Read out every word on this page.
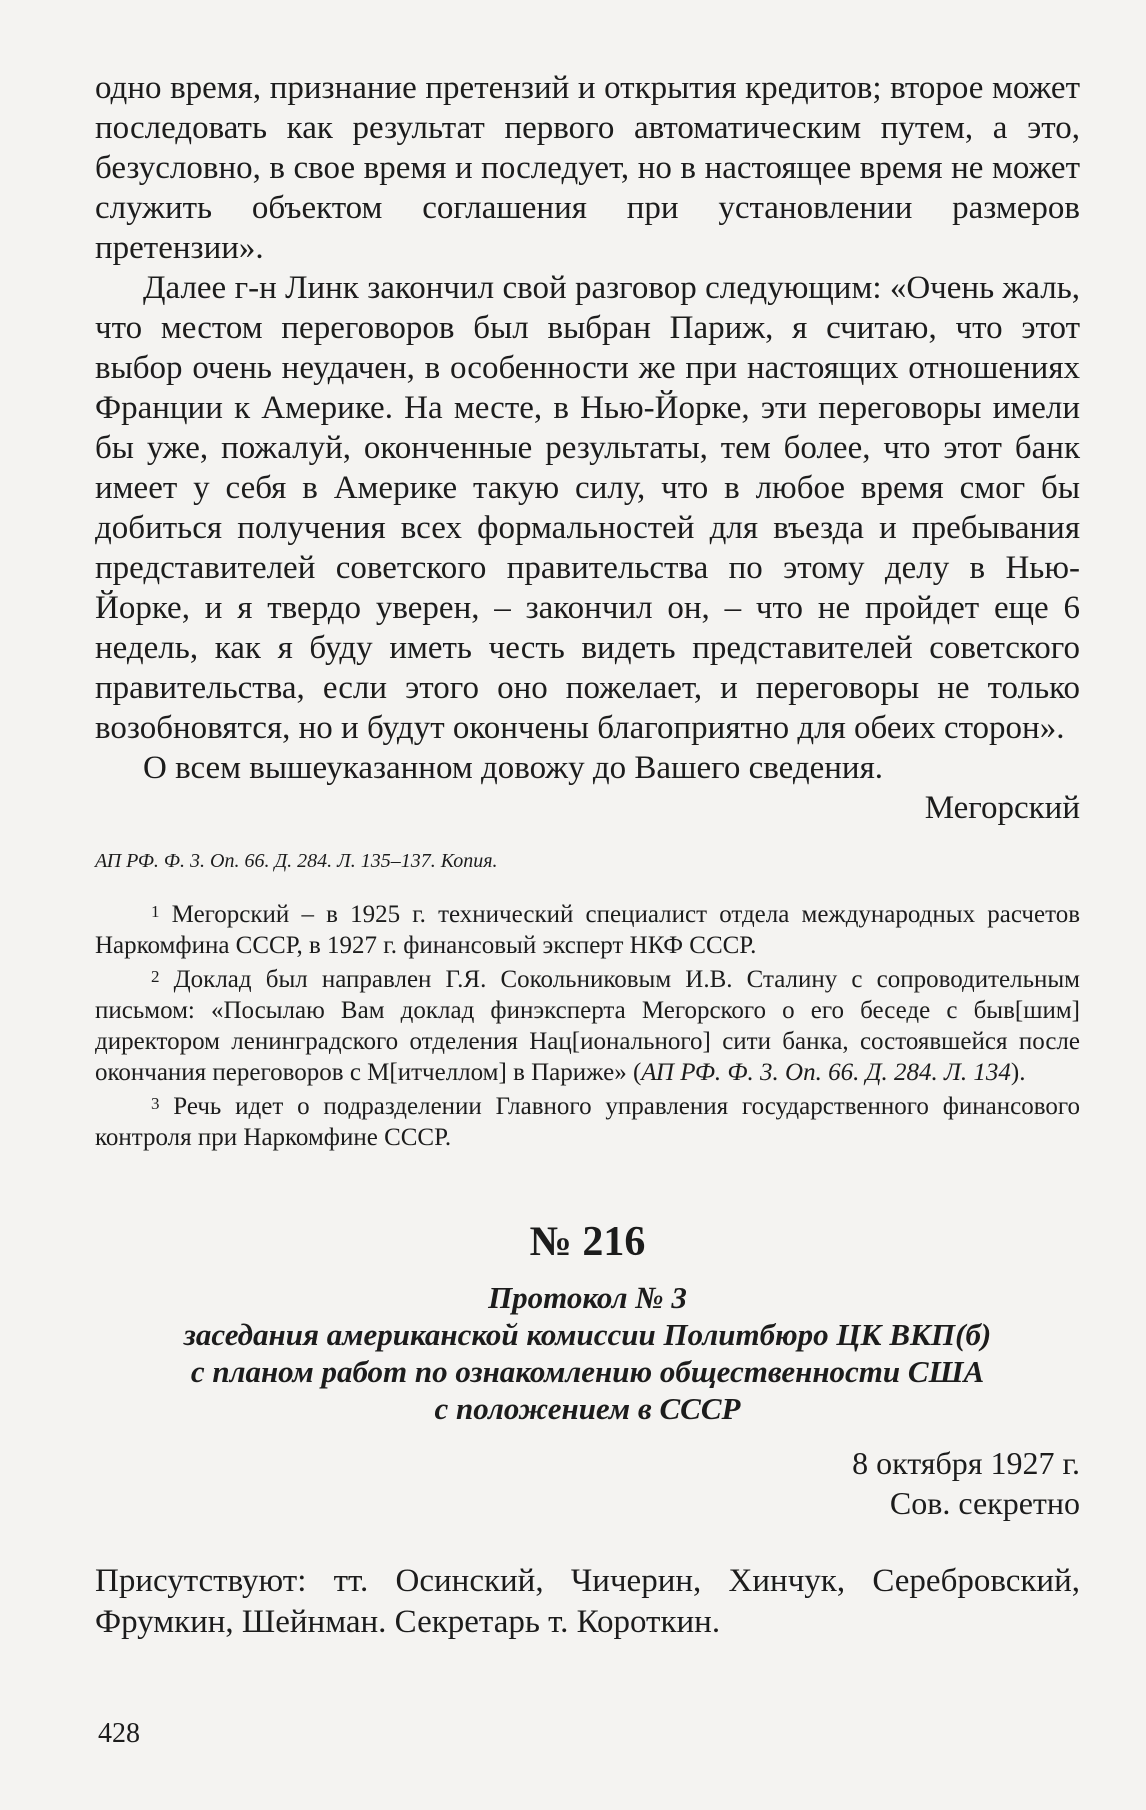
одно время, признание претензий и открытия кредитов; второе может последовать как результат первого автоматическим путем, а это, безусловно, в свое время и последует, но в настоящее время не может служить объектом соглашения при установлении размеров претензии».

Далее г-н Линк закончил свой разговор следующим: «Очень жаль, что местом переговоров был выбран Париж, я считаю, что этот выбор очень неудачен, в особенности же при настоящих отношениях Франции к Америке. На месте, в Нью-Йорке, эти переговоры имели бы уже, пожалуй, оконченные результаты, тем более, что этот банк имеет у себя в Америке такую силу, что в любое время смог бы добиться получения всех формальностей для въезда и пребывания представителей советского правительства по этому делу в Нью-Йорке, и я твердо уверен, – закончил он, – что не пройдет еще 6 недель, как я буду иметь честь видеть представителей советского правительства, если этого оно пожелает, и переговоры не только возобновятся, но и будут окончены благоприятно для обеих сторон».

О всем вышеуказанном довожу до Вашего сведения.

Мегорский
АП РФ. Ф. 3. Оп. 66. Д. 284. Л. 135–137. Копия.

$^1$ Мегорский – в 1925 г. технический специалист отдела международных расчетов Наркомфина СССР, в 1927 г. финансовый эксперт НКФ СССР.

$^2$ Доклад был направлен Г.Я. Сокольниковым И.В. Сталину с сопроводительным письмом: «Посылаю Вам доклад финэксперта Мегорского о его беседе с быв[шим] директором ленинградского отделения Нац[ионального] сити банка, состоявшейся после окончания переговоров с М[итчеллом] в Париже» (АП РФ. Ф. 3. Оп. 66. Д. 284. Л. 134).

$^3$ Речь идет о подразделении Главного управления государственного финансового контроля при Наркомфине СССР.

№ 216
Протокол № 3
заседания американской комиссии Политбюро ЦК ВКП(б)
с планом работ по ознакомлению общественности США
с положением в СССР
8 октября 1927 г.
Сов. секретно
Присутствуют: тт. Осинский, Чичерин, Хинчук, Серебровский, Фрумкин, Шейнман. Секретарь т. Короткин.
428
